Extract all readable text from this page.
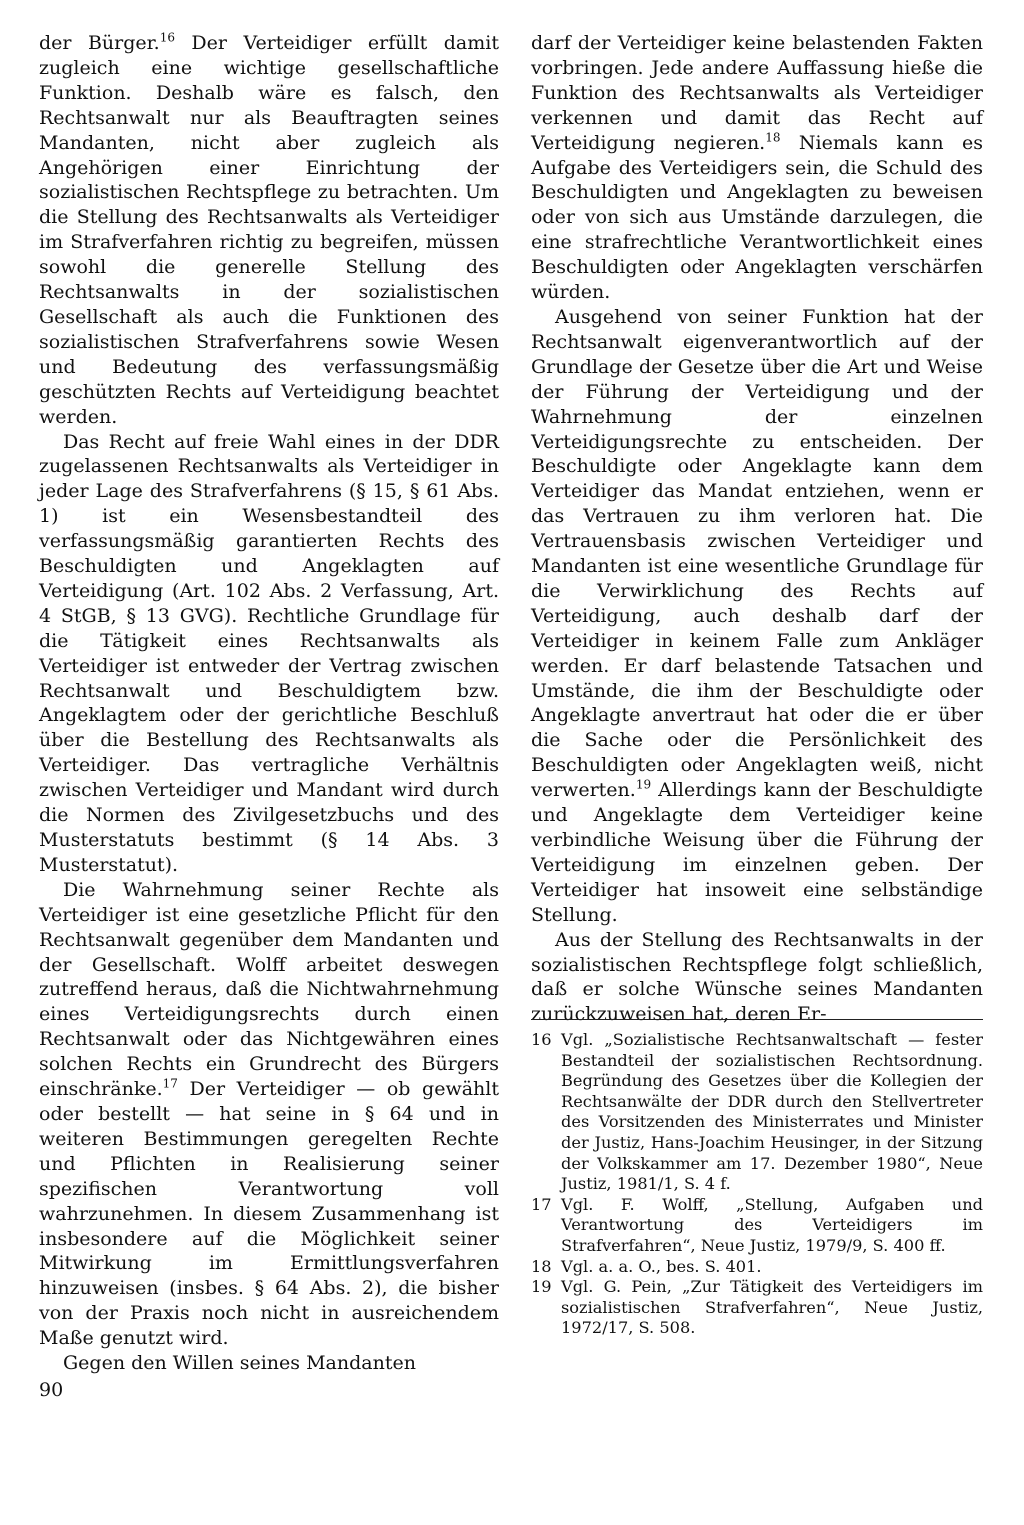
der Bürger.$^{16}$ Der Verteidiger erfüllt damit zugleich eine wichtige gesellschaftliche Funktion. Deshalb wäre es falsch, den Rechtsanwalt nur als Beauftragten seines Mandanten, nicht aber zugleich als Angehörigen einer Einrichtung der sozialistischen Rechtspflege zu betrachten. Um die Stellung des Rechtsanwalts als Verteidiger im Strafverfahren richtig zu begreifen, müssen sowohl die generelle Stellung des Rechtsanwalts in der sozialistischen Gesellschaft als auch die Funktionen des sozialistischen Strafverfahrens sowie Wesen und Bedeutung des verfassungsmäßig geschützten Rechts auf Verteidigung beachtet werden.

Das Recht auf freie Wahl eines in der DDR zugelassenen Rechtsanwalts als Verteidiger in jeder Lage des Strafverfahrens (§ 15, § 61 Abs. 1) ist ein Wesensbestandteil des verfassungsmäßig garantierten Rechts des Beschuldigten und Angeklagten auf Verteidigung (Art. 102 Abs. 2 Verfassung, Art. 4 StGB, § 13 GVG). Rechtliche Grundlage für die Tätigkeit eines Rechtsanwalts als Verteidiger ist entweder der Vertrag zwischen Rechtsanwalt und Beschuldigtem bzw. Angeklagtem oder der gerichtliche Beschluß über die Bestellung des Rechtsanwalts als Verteidiger. Das vertragliche Verhältnis zwischen Verteidiger und Mandant wird durch die Normen des Zivilgesetzbuchs und des Musterstatuts bestimmt (§ 14 Abs. 3 Musterstatut).

Die Wahrnehmung seiner Rechte als Verteidiger ist eine gesetzliche Pflicht für den Rechtsanwalt gegenüber dem Mandanten und der Gesellschaft. Wolff arbeitet deswegen zutreffend heraus, daß die Nichtwahrnehmung eines Verteidigungsrechts durch einen Rechtsanwalt oder das Nichtgewähren eines solchen Rechts ein Grundrecht des Bürgers einschränke.$^{17}$ Der Verteidiger — ob gewählt oder bestellt — hat seine in § 64 und in weiteren Bestimmungen geregelten Rechte und Pflichten in Realisierung seiner spezifischen Verantwortung voll wahrzunehmen. In diesem Zusammenhang ist insbesondere auf die Möglichkeit seiner Mitwirkung im Ermittlungsverfahren hinzuweisen (insbes. § 64 Abs. 2), die bisher von der Praxis noch nicht in ausreichendem Maße genutzt wird.

Gegen den Willen seines Mandanten

darf der Verteidiger keine belastenden Fakten vorbringen. Jede andere Auffassung hieße die Funktion des Rechtsanwalts als Verteidiger verkennen und damit das Recht auf Verteidigung negieren.$^{18}$ Niemals kann es Aufgabe des Verteidigers sein, die Schuld des Beschuldigten und Angeklagten zu beweisen oder von sich aus Umstände darzulegen, die eine strafrechtliche Verantwortlichkeit eines Beschuldigten oder Angeklagten verschärfen würden.

Ausgehend von seiner Funktion hat der Rechtsanwalt eigenverantwortlich auf der Grundlage der Gesetze über die Art und Weise der Führung der Verteidigung und der Wahrnehmung der einzelnen Verteidigungsrechte zu entscheiden. Der Beschuldigte oder Angeklagte kann dem Verteidiger das Mandat entziehen, wenn er das Vertrauen zu ihm verloren hat. Die Vertrauensbasis zwischen Verteidiger und Mandanten ist eine wesentliche Grundlage für die Verwirklichung des Rechts auf Verteidigung, auch deshalb darf der Verteidiger in keinem Falle zum Ankläger werden. Er darf belastende Tatsachen und Umstände, die ihm der Beschuldigte oder Angeklagte anvertraut hat oder die er über die Sache oder die Persönlichkeit des Beschuldigten oder Angeklagten weiß, nicht verwerten.$^{19}$ Allerdings kann der Beschuldigte und Angeklagte dem Verteidiger keine verbindliche Weisung über die Führung der Verteidigung im einzelnen geben. Der Verteidiger hat insoweit eine selbständige Stellung.

Aus der Stellung des Rechtsanwalts in der sozialistischen Rechtspflege folgt schließlich, daß er solche Wünsche seines Mandanten zurückzuweisen hat, deren Er-

16 Vgl. „Sozialistische Rechtsanwaltschaft — fester Bestandteil der sozialistischen Rechtsordnung. Begründung des Gesetzes über die Kollegien der Rechtsanwälte der DDR durch den Stellvertreter des Vorsitzenden des Ministerrates und Minister der Justiz, Hans-Joachim Heusinger, in der Sitzung der Volkskammer am 17. Dezember 1980“, Neue Justiz, 1981/1, S. 4 f.
17 Vgl. F. Wolff, „Stellung, Aufgaben und Verantwortung des Verteidigers im Strafverfahren“, Neue Justiz, 1979/9, S. 400 ff.
18 Vgl. a. a. O., bes. S. 401.
19 Vgl. G. Pein, „Zur Tätigkeit des Verteidigers im sozialistischen Strafverfahren“, Neue Justiz, 1972/17, S. 508.
90
